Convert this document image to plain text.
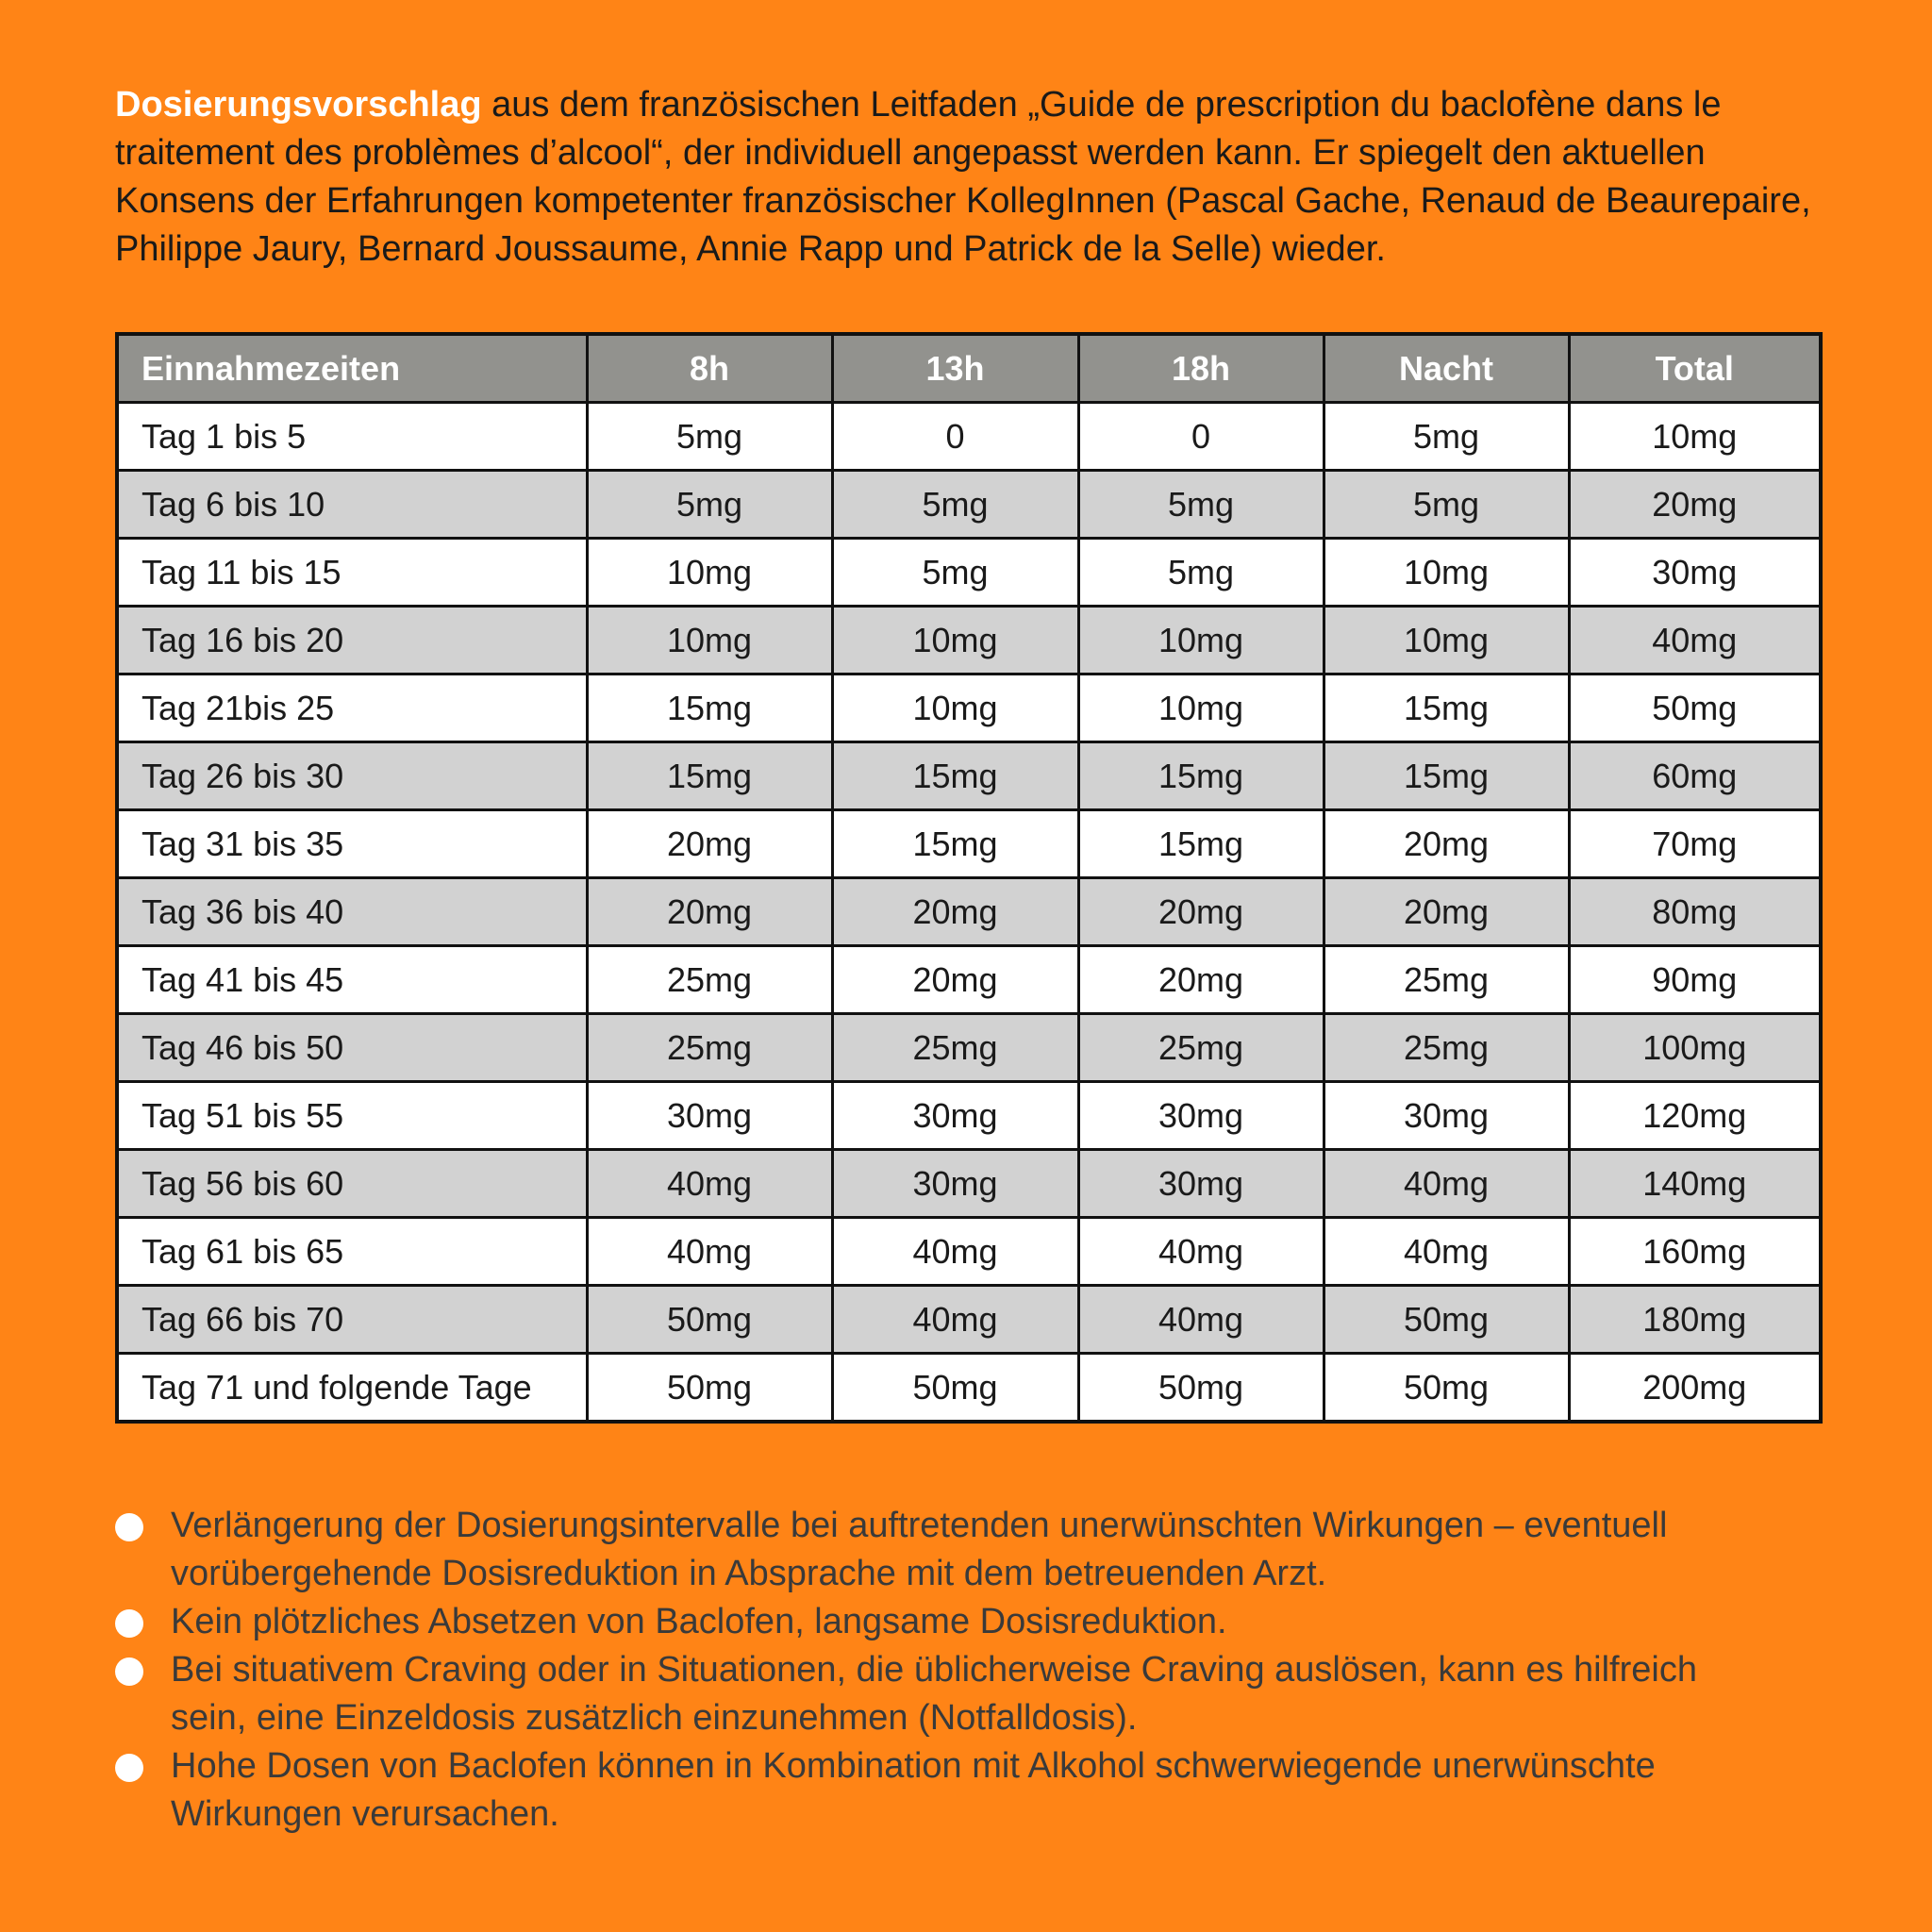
Dosierungsvorschlag aus dem französischen Leitfaden „Guide de prescription du baclofène dans le traitement des problèmes d’alcool“, der individuell angepasst werden kann. Er spiegelt den aktuellen Konsens der Erfahrungen kompetenter französischer KollegInnen (Pascal Gache, Renaud de Beaurepaire, Philippe Jaury, Bernard Joussaume, Annie Rapp und Patrick de la Selle) wieder.

Einnahmezeiten	8h	13h	18h	Nacht	Total
Tag 1 bis 5	5mg	0	0	5mg	10mg
Tag 6 bis 10	5mg	5mg	5mg	5mg	20mg
Tag 11 bis 15	10mg	5mg	5mg	10mg	30mg
Tag 16 bis 20	10mg	10mg	10mg	10mg	40mg
Tag 21bis 25	15mg	10mg	10mg	15mg	50mg
Tag 26 bis 30	15mg	15mg	15mg	15mg	60mg
Tag 31 bis 35	20mg	15mg	15mg	20mg	70mg
Tag 36 bis 40	20mg	20mg	20mg	20mg	80mg
Tag 41 bis 45	25mg	20mg	20mg	25mg	90mg
Tag 46 bis 50	25mg	25mg	25mg	25mg	100mg
Tag 51 bis 55	30mg	30mg	30mg	30mg	120mg
Tag 56 bis 60	40mg	30mg	30mg	40mg	140mg
Tag 61 bis 65	40mg	40mg	40mg	40mg	160mg
Tag 66 bis 70	50mg	40mg	40mg	50mg	180mg
Tag 71 und folgende Tage	50mg	50mg	50mg	50mg	200mg
Verlängerung der Dosierungsintervalle bei auftretenden unerwünschten Wirkungen – eventuell vorübergehende Dosisreduktion in Absprache mit dem betreuenden Arzt.
Kein plötzliches Absetzen von Baclofen, langsame Dosisreduktion.
Bei situativem Craving oder in Situationen, die üblicherweise Craving auslösen, kann es hilfreich sein, eine Einzeldosis zusätzlich einzunehmen (Notfalldosis).
Hohe Dosen von Baclofen können in Kombination mit Alkohol schwerwiegende unerwünschte Wirkungen verursachen.
